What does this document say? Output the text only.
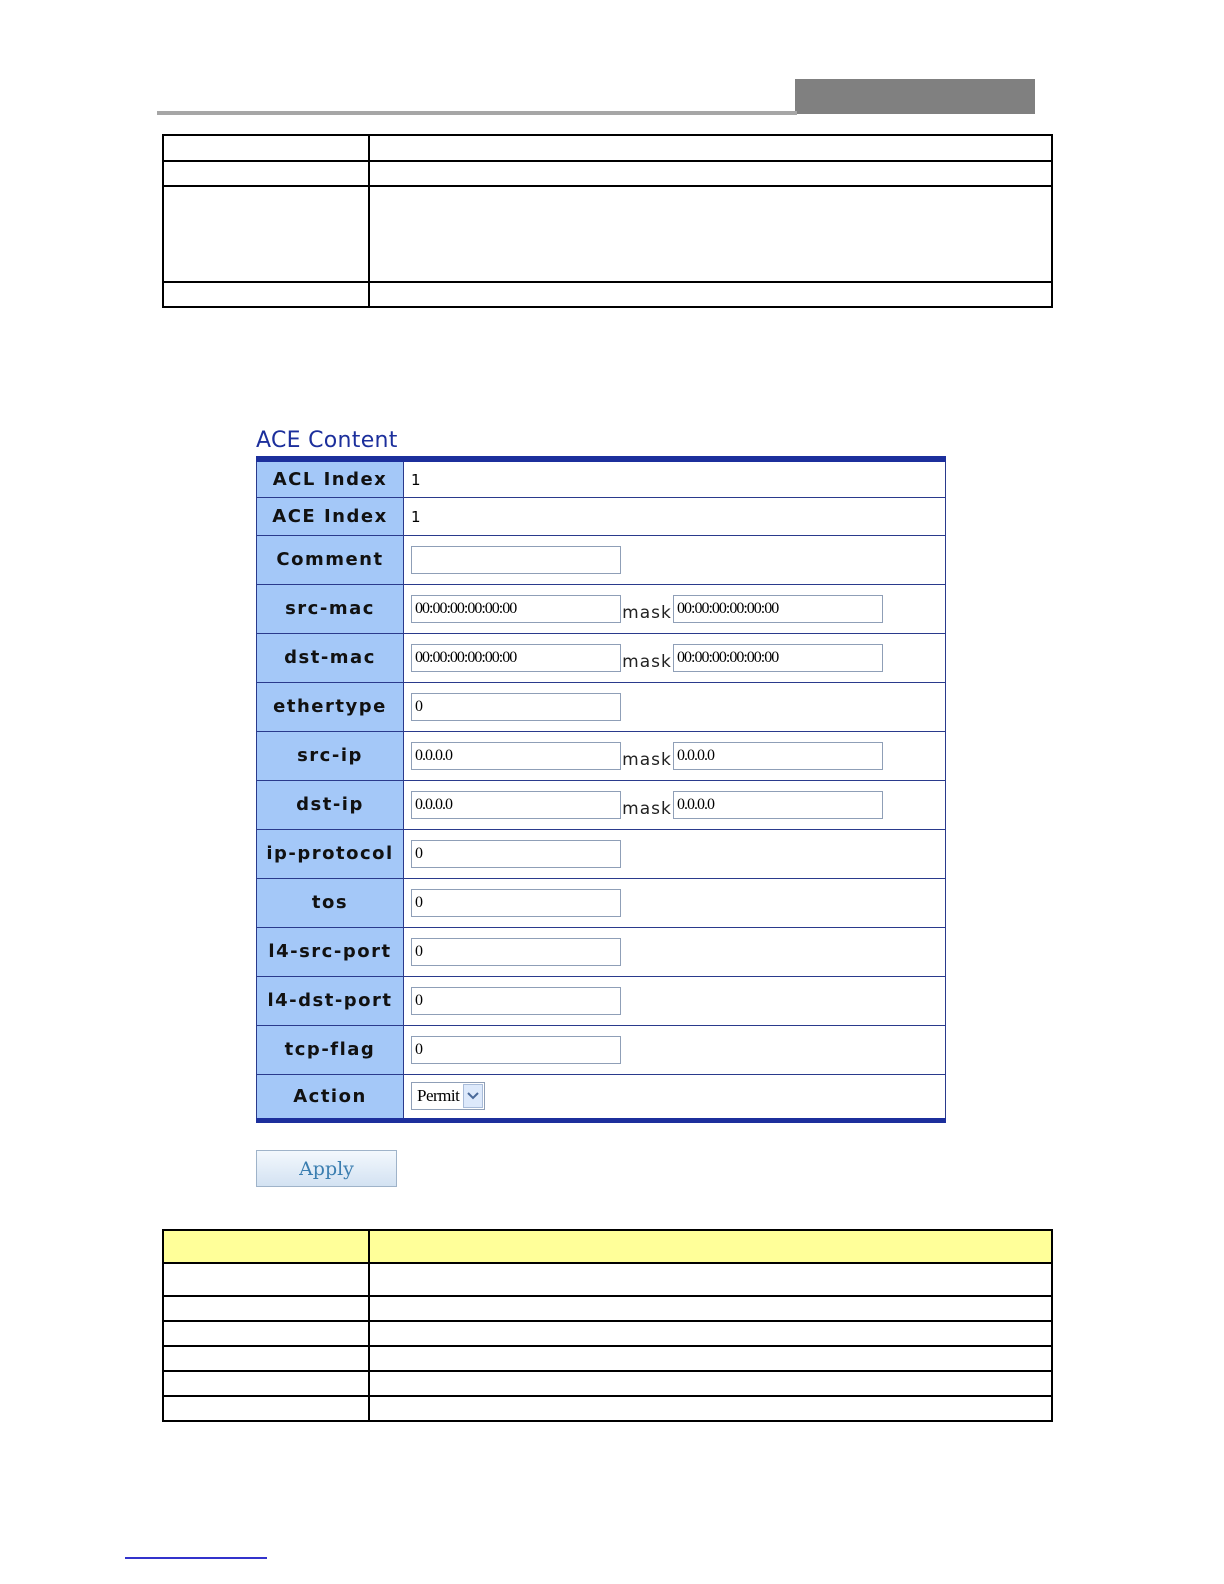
ACE Content
ACL Index	1
ACE Index	1
Comment	
src-mac	00:00:00:00:00:00mask00:00:00:00:00:00
dst-mac	00:00:00:00:00:00mask00:00:00:00:00:00
ethertype	0
src-ip	0.0.0.0mask0.0.0.0
dst-ip	0.0.0.0mask0.0.0.0
ip-protocol	0
tos	0
l4-src-port	0
l4-dst-port	0
tcp-flag	0
Action	Permit
Apply
